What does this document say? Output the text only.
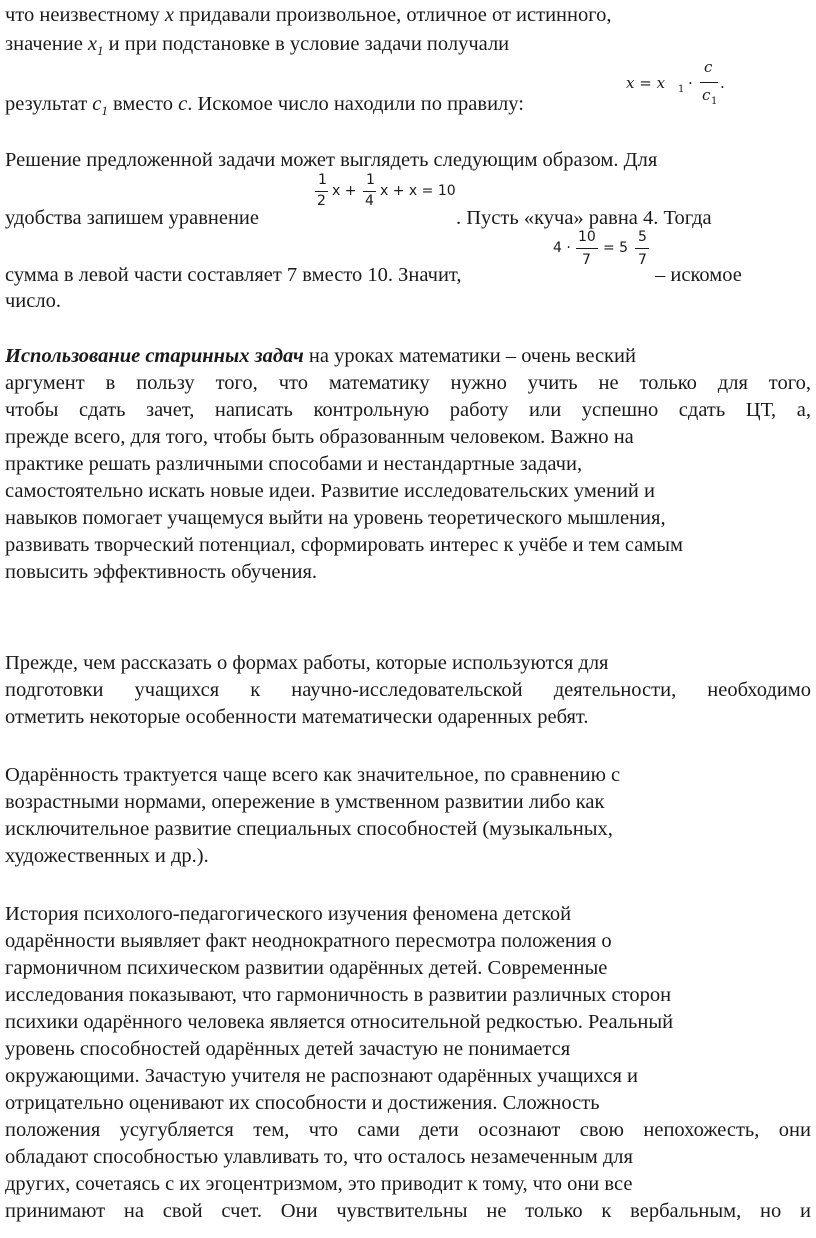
что неизвестному x придавали произвольное, отличное от истинного,
значение $x_1$ и при подстановке в условие задачи получали
результат $c_1$ вместо c. Искомое число находили по правилу:
x = x 1 ·
c
c 1
.
Решение предложенной задачи может выглядеть следующим образом. Для
удобства запишем уравнение	. Пусть «куча» равна 4. Тогда
1
2
x +
1
4
x + x = 10
сумма в левой части составляет 7 вместо 10. Значит,	– искомое
число.
4 ·
10
7
= 5
5
7
Использование старинных задач на уроках математики – очень веский
аргумент в пользу того, что математику нужно учить не только для того,
чтобы сдать зачет, написать контрольную работу или успешно сдать ЦТ, а,
прежде всего, для того, чтобы быть образованным человеком. Важно на
практике решать различными способами и нестандартные задачи,
самостоятельно искать новые идеи. Развитие исследовательских умений и
навыков помогает учащемуся выйти на уровень теоретического мышления,
развивать творческий потенциал, сформировать интерес к учёбе и тем самым
повысить эффективность обучения.
Прежде, чем рассказать о формах работы, которые используются для
подготовки учащихся к научно-исследовательской деятельности, необходимо
отметить некоторые особенности математически одаренных ребят.
Одарённость трактуется чаще всего как значительное, по сравнению с
возрастными нормами, опережение в умственном развитии либо как
исключительное развитие специальных способностей (музыкальных,
художественных и др.).
История психолого-педагогического изучения феномена детской
одарённости выявляет факт неоднократного пересмотра положения о
гармоничном психическом развитии одарённых детей. Современные
исследования показывают, что гармоничность в развитии различных сторон
психики одарённого человека является относительной редкостью. Реальный
уровень способностей одарённых детей зачастую не понимается
окружающими. Зачастую учителя не распознают одарённых учащихся и
отрицательно оценивают их способности и достижения. Сложность
положения усугубляется тем, что сами дети осознают свою непохожесть, они
обладают способностью улавливать то, что осталось незамеченным для
других, сочетаясь с их эгоцентризмом, это приводит к тому, что они все
принимают на свой счет. Они чувствительны не только к вербальным, но и
